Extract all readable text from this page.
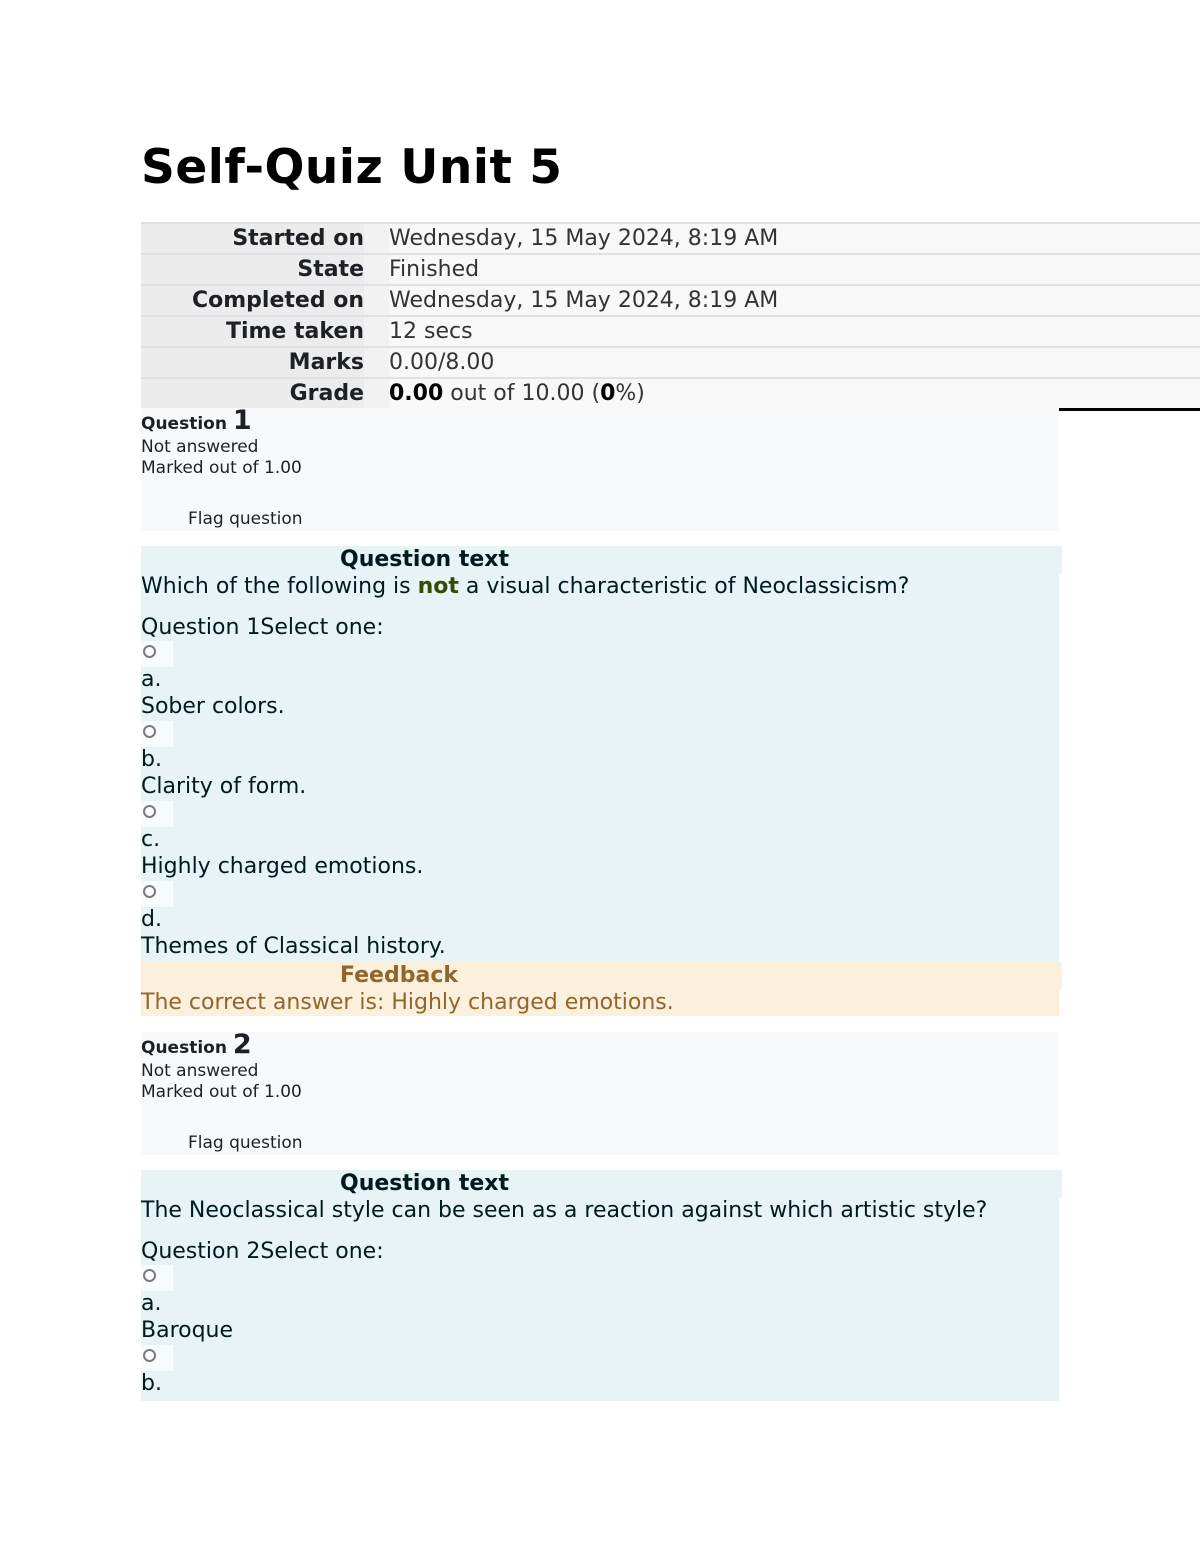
Self-Quiz Unit 5
Started on Wednesday, 15 May 2024, 8:19 AM
State Finished
Completed on Wednesday, 15 May 2024, 8:19 AM
Time taken 12 secs
Marks 0.00/8.00
Grade 0.00 out of 10.00 (0%)
Question 1
Not answered
Marked out of 1.00
Flag question
Question text
Which of the following is not a visual characteristic of Neoclassicism?
Question 1Select one:
a.
Sober colors.
b.
Clarity of form.
c.
Highly charged emotions.
d.
Themes of Classical history.
Feedback
The correct answer is: Highly charged emotions.
Question 2
Not answered
Marked out of 1.00
Flag question
Question text
The Neoclassical style can be seen as a reaction against which artistic style?
Question 2Select one:
a.
Baroque
b.
